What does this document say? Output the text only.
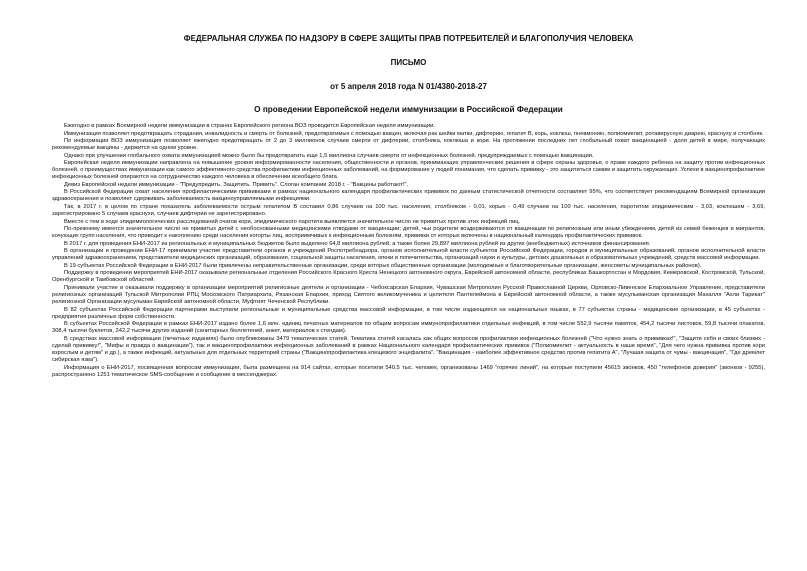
ФЕДЕРАЛЬНАЯ СЛУЖБА ПО НАДЗОРУ В СФЕРЕ ЗАЩИТЫ ПРАВ ПОТРЕБИТЕЛЕЙ И БЛАГОПОЛУЧИЯ ЧЕЛОВЕКА
ПИСЬМО
от 5 апреля 2018 года N 01/4380-2018-27
О проведении Европейской недели иммунизации в Российской Федерации

Ежегодно в рамках Всемирной недели иммунизации в странах Европейского региона ВОЗ проводится Европейская неделя иммунизации.

Иммунизация позволяет предотвращать страдания, инвалидность и смерть от болезней, предотвратимых с помощью вакцин, включая рак шейки матки, дифтерию, гепатит B, корь, коклюш, пневмонию, полиомиелит, ротавирусную диарею, краснуху и столбняк.

По информации ВОЗ иммунизация позволяет ежегодно предотвращать от 2 до 3 миллионов случаев смерти от дифтерии, столбняка, коклюша и кори. На протяжении последних лет глобальный охват вакцинацией - доля детей в мире, получающих рекомендуемые вакцины - держится на одном уровне.

Однако при улучшении глобального охвата иммунизацией можно было бы предотвратить еще 1,5 миллиона случаев смерти от инфекционных болезней, предупреждаемых с помощью вакцинации.

Европейская неделя иммунизации направлена на повышение уровня информированности населения, общественности и органов, принимающих управленческие решения в сфере охраны здоровья, о праве каждого ребенка на защиту против инфекционных болезней, о преимуществах иммунизации как самого эффективного средства профилактики инфекционных заболеваний, на формирование у людей понимания, что сделать прививку - это защититься самим и защитить окружающих. Успехи в вакцинопрофилактике инфекционных болезней опираются на сотрудничество каждого человека в обеспечении всеобщего блага.

Девиз Европейской недели иммунизации - "Предупредить. Защитить. Привить". Слоган компании 2018 г. - "Вакцины работают!".

В Российской Федерации охват населения профилактическими прививками в рамках национального календаря профилактических прививок по данным статистической отчетности составляет 95%, что соответствует рекомендациям Всемирной организации здравоохранения и позволяет сдерживать заболеваемость вакциноуправляемыми инфекциями.

Так, в 2017 г. в целом по стране показатель заболеваемости острым гепатитом B составил 0,86 случаев на 100 тыс. населения, столбняком - 0,01, корью - 0,49 случаев на 100 тыс. населения, паротитом эпидемическим - 3,03, коклюшем - 3,69, зарегистрировано 5 случаев краснухи, случаев дифтерии не зарегистрировано.

Вместе с тем в ходе эпидемиологических расследований очагов кори, эпидемического паротита выявляется значительное число не привитых против этих инфекций лиц.

По-прежнему имеется значительное число не привитых детей с необоснованными медицинскими отводами от вакцинации; детей, чьи родители воздерживаются от вакцинации по религиозным или иным убеждениям, детей из семей беженцев и мигрантов, кочующих групп населения, что приводит к накоплению среди населения когорты лиц, восприимчивых к инфекционным болезням, прививки от которых включены в национальный календарь профилактических прививок.

В 2017 г. для проведения ЕНИ-2017 из региональных и муниципальных бюджетов было выделено 64,8 миллиона рублей, а также более 29,897 миллиона рублей из других (внебюджетных) источников финансирования.

В организации и проведении ЕНИ-17 принимали участие представители органов и учреждений Роспотребнадзора, органов исполнительной власти субъектов Российской Федерации, городов и муниципальных образований, органов исполнительной власти управлений здравоохранением, представители медицинских организаций, образования, социальной защиты населения, опеки и попечительства, организаций науки и культуры, детских дошкольных и образовательных учреждений, средств массовой информации.

В 19 субъектах Российской Федерации в ЕНИ-2017 были привлечены неправительственные организации, среди которых общественные организации (молодежные и благотворительные организации, женсоветы муниципальных районов).

Поддержку в проведении мероприятий ЕНИ-2017 оказывали региональные отделения Российского Красного Креста Ненецкого автономного округа, Еврейской автономной области, республиках Башкортостан и Мордовия, Кемеровской, Костромской, Тульской, Оренбургской и Тамбовской областей.

Принимали участие и оказывали поддержку в организации мероприятий религиозные деятели и организации - Чебоксарская Епархия, Чувашская Митрополия Русской Православной Церкви, Орловско-Ливенское Епархиальное Управление, представители религиозных организаций Тульской Митрополии РПЦ Московского Патриархата, Рязанская Епархия, приход Святого великомученика и целителя Пантелеймона в Еврейской автономной области, а также мусульманская организация Махалля "Ахли Тарикат" религиозной Организации мусульман Еврейской автономной области, Муфтият Чеченской Республики.

В 82 субъектах Российской Федерации партнерами выступили региональные и муниципальные средства массовой информации, в том числе издающиеся на национальных языках, в 77 субъектах страны - медицинские организации, в 45 субъектах - предприятия различных форм собственности.

В субъектах Российской Федерации в рамках ЕНИ-2017 издано более 1,6 млн. единиц печатных материалов по общим вопросам иммунопрофилактики отдельных инфекций, в том числе 552,9 тысячи памяток, 454,2 тысячи листовок, 59,8 тысячи плакатов, 308,4 тысячи буклетов, 242,2 тысячи других изданий (санитарных бюллетеней, анкет, материалов к стендам).

В средствах массовой информации (печатных изданиях) было опубликованы 3479 тематических статей. Тематика статей касалась как общих вопросов профилактики инфекционных болезней ("Что нужно знать о прививках!", "Защити себя и своих близких - сделай прививку!", "Мифы и правда о вакцинации"), так и вакцинопрофилактики инфекционных заболеваний в рамках Национального календаря профилактических прививок ("Полиомиелит - актуальность в наше время", "Для чего нужна прививка против кори взрослым и детям" и др.), а также инфекций, актуальных для отдельных территорий страны ("Вакцинопрофилактика клещевого энцефалита", "Вакцинация - наиболее эффективное средство против гепатита А", "Лучшая защита от чумы - вакцинация", "Где дремлет сибирская язва").

Информация о ЕНИ-2017, посвященная вопросам иммунизации, была размещена на 914 сайтах, которые посетили 540,5 тыс. человек, организованы 1469 "горячих линий", на которые поступили 45615 звонков, 450 "телефонов доверия" (звонков - 9255), распространено 1251 тематическое SMS-сообщение и сообщение в мессенджерах.
